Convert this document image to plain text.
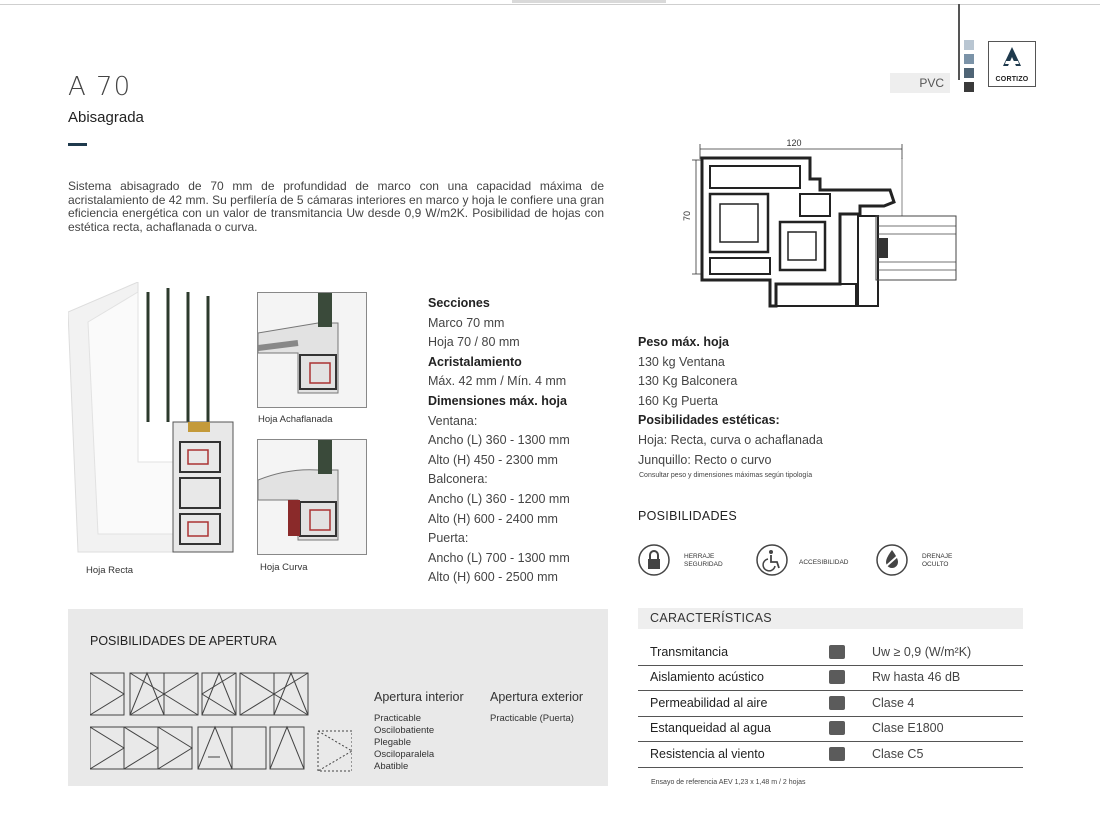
CORTIZO
PVC
A 70
Abisagrada
Sistema abisagrado de 70 mm de profundidad de marco con una capacidad máxima de acristalamiento de 42 mm. Su perfilería de 5 cámaras interiores en marco y hoja le confiere una gran eficiencia energética con un valor de transmitancia Uw desde 0,9 W/m2K. Posibilidad de hojas con estética recta, achaflanada o curva.
120
70
Hoja Recta
Hoja Achaflanada
Hoja Curva
Secciones
Marco 70 mm
Hoja 70 / 80 mm
Acristalamiento
Máx. 42 mm / Mín. 4 mm
Dimensiones máx. hoja
Ventana:
Ancho (L) 360 - 1300 mm
Alto (H) 450 - 2300 mm
Balconera:
Ancho (L) 360 - 1200 mm
Alto (H) 600 - 2400 mm
Puerta:
Ancho (L) 700 - 1300 mm
Alto (H) 600 - 2500 mm
Peso máx. hoja
130 kg Ventana
130 Kg Balconera
160 Kg Puerta
Posibilidades estéticas:
Hoja: Recta, curva o achaflanada
Junquillo: Recto o curvo
Consultar peso y dimensiones máximas según tipología
POSIBILIDADES
HERRAJE
SEGURIDAD	ACCESIBILIDAD
DRENAJE
OCULTO
POSIBILIDADES DE APERTURA
Apertura interior Apertura exterior
Practicable
Oscilobatiente
Plegable
Osciloparalela
Abatible
Practicable (Puerta)
CARACTERÍSTICAS
Transmitancia	Uw ≥ 0,9 (W/m²K)
Aislamiento acústico	Rw hasta 46 dB
Permeabilidad al aire	Clase 4
Estanqueidad al agua	Clase E1800
Resistencia al viento	Clase C5
Ensayo de referencia AEV 1,23 x 1,48 m / 2 hojas
